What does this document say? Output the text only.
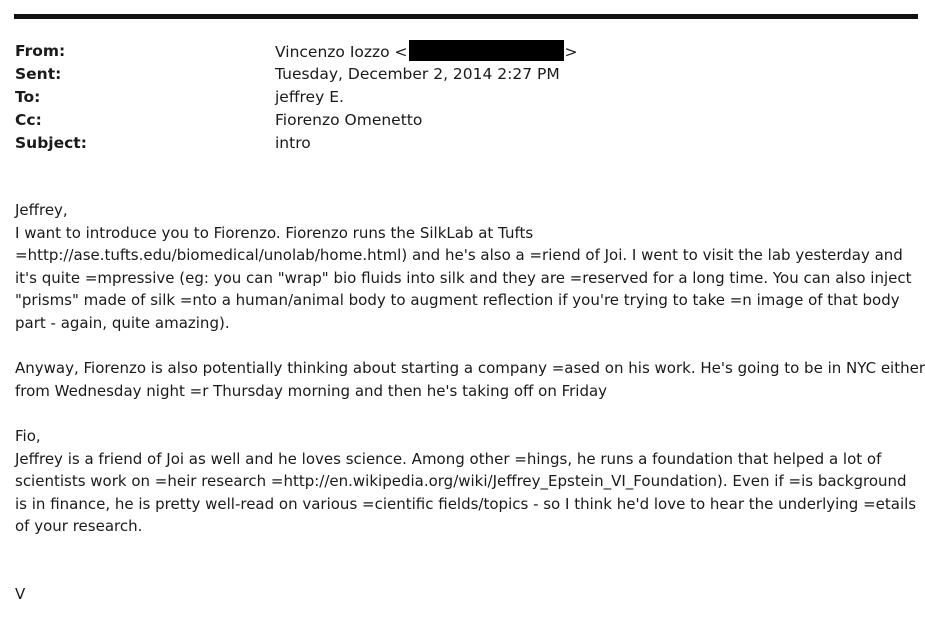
From:	Vincenzo Iozzo <	>
Sent:	Tuesday, December 2, 2014 2:27 PM
To:	jeffrey E.
Cc:	Fiorenzo Omenetto
Subject:	intro

Jeffrey,

I want to introduce you to Fiorenzo. Fiorenzo runs the SilkLab at Tufts

=http://ase.tufts.edu/biomedical/unolab/home.html) and he's also a =riend of Joi. I went to visit the lab yesterday and

it's quite =mpressive (eg: you can "wrap" bio fluids into silk and they are =reserved for a long time. You can also inject

"prisms" made of silk =nto a human/animal body to augment reflection if you're trying to take =n image of that body

part - again, quite amazing).

Anyway, Fiorenzo is also potentially thinking about starting a company =ased on his work. He's going to be in NYC either

from Wednesday night =r Thursday morning and then he's taking off on Friday

Fio,

Jeffrey is a friend of Joi as well and he loves science. Among other =hings, he runs a foundation that helped a lot of

scientists work on =heir research =http://en.wikipedia.org/wiki/Jeffrey_Epstein_VI_Foundation). Even if =is background

is in finance, he is pretty well-read on various =cientific fields/topics - so I think he'd love to hear the underlying =etails

of your research.

V
